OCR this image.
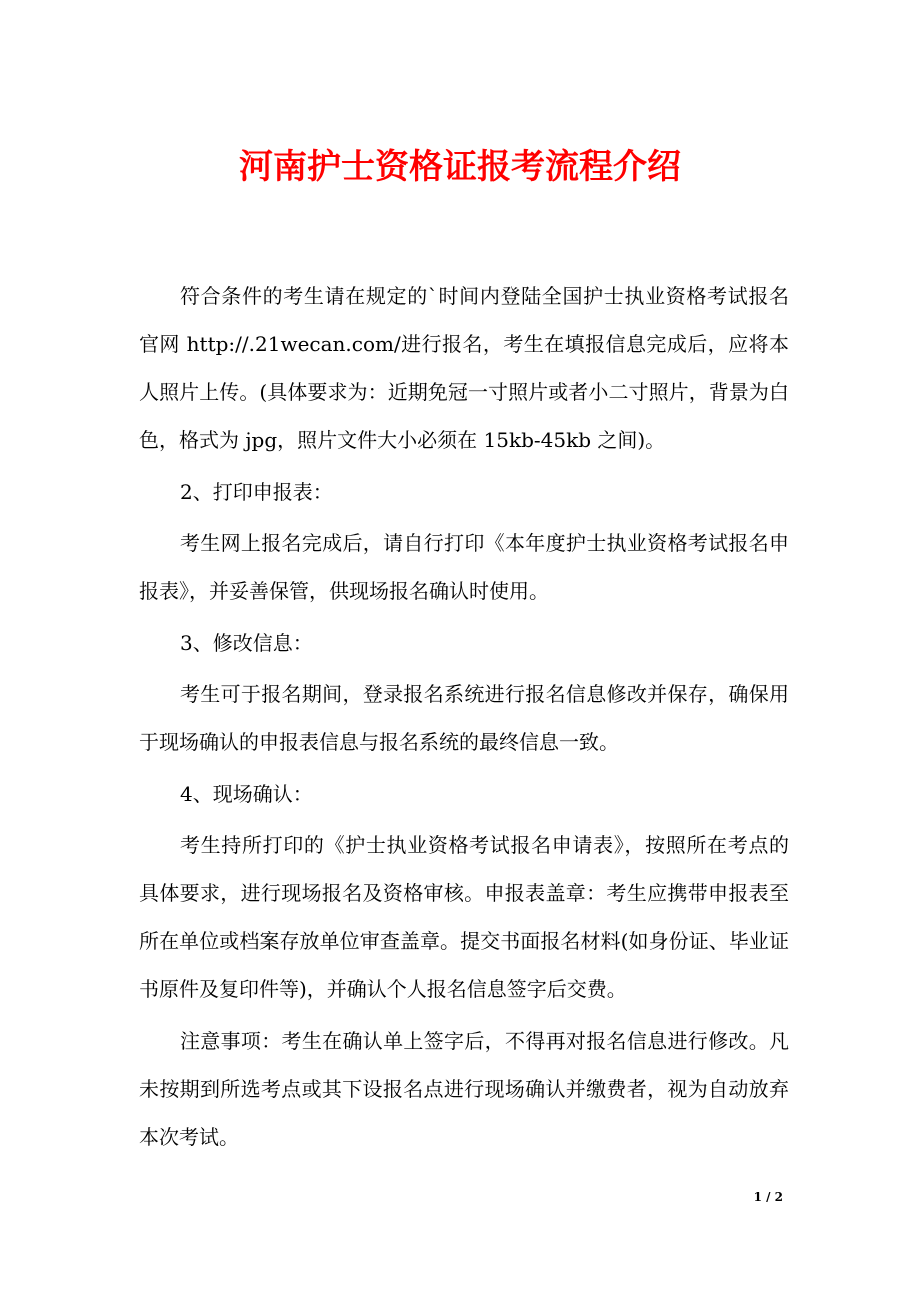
河南护士资格证报考流程介绍

符合条件的考生请在规定的`时间内登陆全国护士执业资格考试报名官网 http://.21wecan.com/进行报名，考生在填报信息完成后，应将本人照片上传。(具体要求为：近期免冠一寸照片或者小二寸照片，背景为白色，格式为 jpg，照片文件大小必须在 15kb-45kb 之间)。

2、打印申报表：

考生网上报名完成后，请自行打印《本年度护士执业资格考试报名申报表》，并妥善保管，供现场报名确认时使用。

3、修改信息：

考生可于报名期间，登录报名系统进行报名信息修改并保存，确保用于现场确认的申报表信息与报名系统的最终信息一致。

4、现场确认：

考生持所打印的《护士执业资格考试报名申请表》，按照所在考点的具体要求，进行现场报名及资格审核。申报表盖章：考生应携带申报表至所在单位或档案存放单位审查盖章。提交书面报名材料(如身份证、毕业证书原件及复印件等)，并确认个人报名信息签字后交费。

注意事项：考生在确认单上签字后，不得再对报名信息进行修改。凡未按期到所选考点或其下设报名点进行现场确认并缴费者，视为自动放弃本次考试。

1 / 2
